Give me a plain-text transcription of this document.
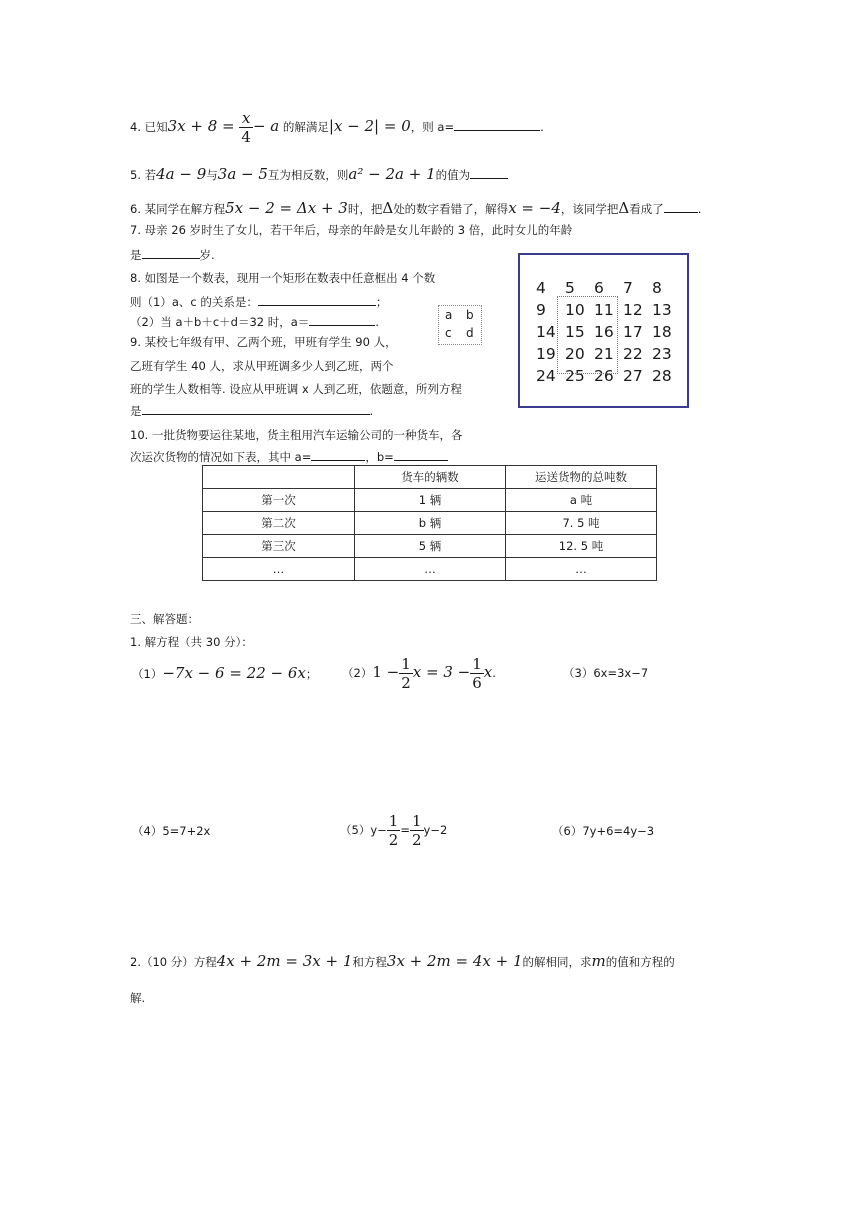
4. 已知$3x + 8 = \frac{x}{4} - a$ 的解满足|x − 2| = 0，则 a=	.
5. 若4a − 9与3a − 5互为相反数，则a² − 2a + 1的值为
6. 某同学在解方程5x − 2 = Δx + 3时，把Δ处的数字看错了，解得x = −4，该同学把Δ看成了	.
7. 母亲 26 岁时生了女儿，若干年后，母亲的年龄是女儿年龄的 3 倍，此时女儿的年龄
是	岁.
8. 如图是一个数表，现用一个矩形在数表中任意框出 4 个数
则（1）a、c 的关系是：	；
（2）当 a＋b＋c＋d＝32 时，a＝	.	a b
c d
4 5 6 7 8
9 10 11 12 13
14 15 16 17 18
19 20 21 22 23
24 25 26 27 28
9. 某校七年级有甲、乙两个班，甲班有学生 90 人，
乙班有学生 40 人，求从甲班调多少人到乙班，两个
班的学生人数相等. 设应从甲班调 x 人到乙班，依题意，所列方程
是	.
10. 一批货物要运往某地，货主租用汽车运输公司的一种货车，各
次运次货物的情况如下表，其中 a=	，b=
	货车的辆数	运送货物的总吨数
第一次	1 辆	a 吨
第二次	b 辆	7. 5 吨
第三次	5 辆	12. 5 吨
…	…	…
三、解答题：
1. 解方程（共 30 分）：
（1）−7x − 6 = 22 − 6x； $(2)1 - \frac{1}{2}$ $x = 3 - \frac{1}{6} x$.	（3）6x=3x−7
（4）5=7+2x	$(5)y- \frac{1}{2} = \frac{1}{2} y-2$	（6）7y+6=4y−3
2.（10 分）方程4x + 2m = 3x + 1和方程3x + 2m = 4x + 1的解相同，求m的值和方程的
解.
